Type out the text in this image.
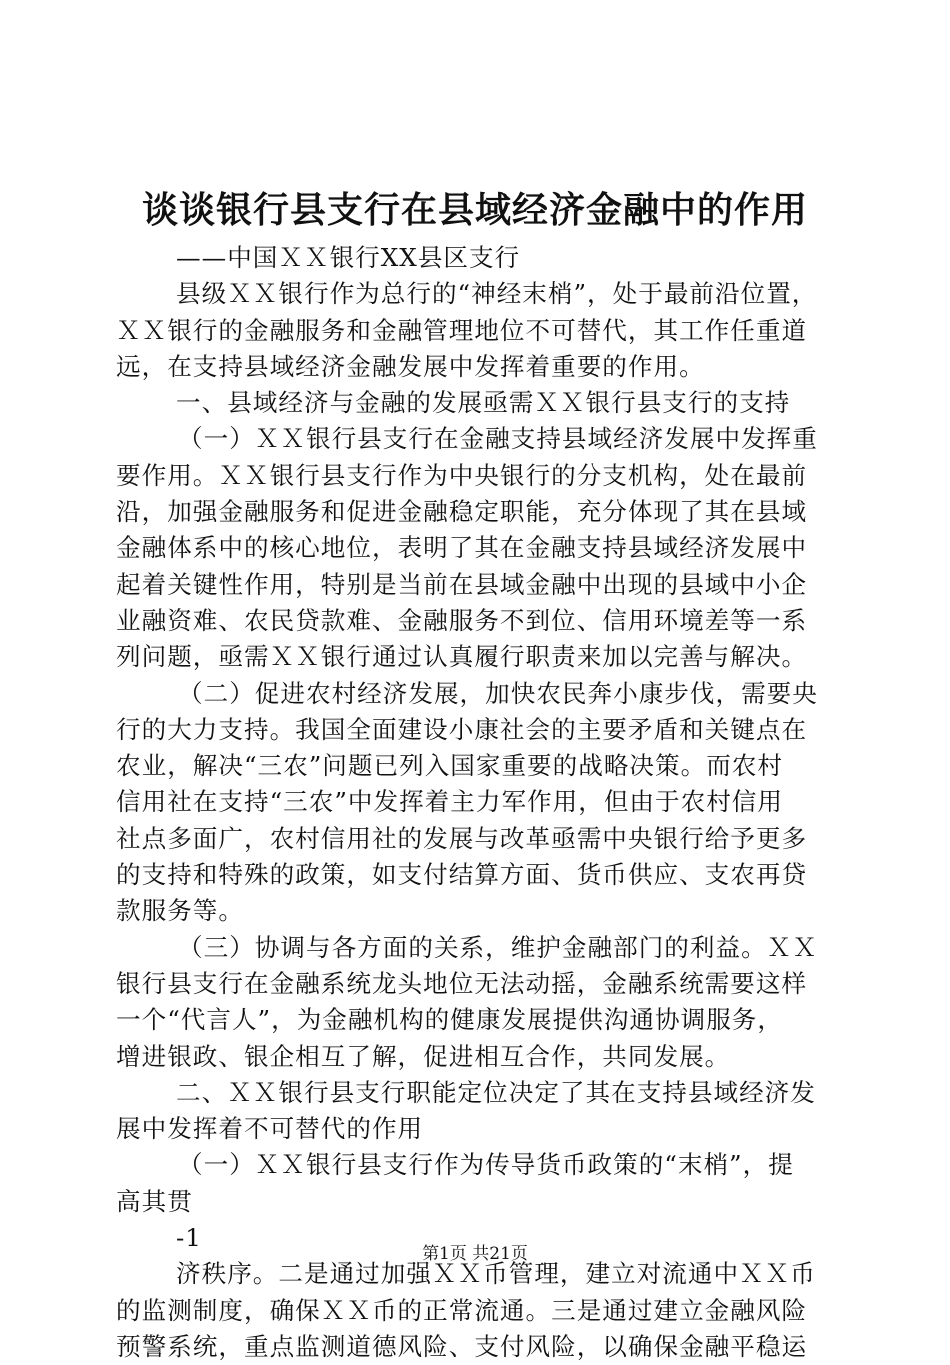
谈谈银行县支行在县域经济金融中的作用
——中国ＸＸ银行XX县区支行
县级ＸＸ银行作为总行的“神经末梢”，处于最前沿位置，
ＸＸ银行的金融服务和金融管理地位不可替代，其工作任重道
远，在支持县域经济金融发展中发挥着重要的作用。
一、县域经济与金融的发展亟需ＸＸ银行县支行的支持
（一）ＸＸ银行县支行在金融支持县域经济发展中发挥重
要作用。ＸＸ银行县支行作为中央银行的分支机构，处在最前
沿，加强金融服务和促进金融稳定职能，充分体现了其在县域
金融体系中的核心地位，表明了其在金融支持县域经济发展中
起着关键性作用，特别是当前在县域金融中出现的县域中小企
业融资难、农民贷款难、金融服务不到位、信用环境差等一系
列问题，亟需ＸＸ银行通过认真履行职责来加以完善与解决。
（二）促进农村经济发展，加快农民奔小康步伐，需要央
行的大力支持。我国全面建设小康社会的主要矛盾和关键点在
农业，解决“三农”问题已列入国家重要的战略决策。而农村
信用社在支持“三农”中发挥着主力军作用，但由于农村信用
社点多面广，农村信用社的发展与改革亟需中央银行给予更多
的支持和特殊的政策，如支付结算方面、货币供应、支农再贷
款服务等。
（三）协调与各方面的关系，维护金融部门的利益。ＸＸ
银行县支行在金融系统龙头地位无法动摇，金融系统需要这样
一个“代言人”，为金融机构的健康发展提供沟通协调服务，
增进银政、银企相互了解，促进相互合作，共同发展。
二、ＸＸ银行县支行职能定位决定了其在支持县域经济发
展中发挥着不可替代的作用
（一）ＸＸ银行县支行作为传导货币政策的“末梢”，提
高其贯
-1
济秩序。二是通过加强ＸＸ币管理，建立对流通中ＸＸ币
的监测制度，确保ＸＸ币的正常流通。三是通过建立金融风险
预警系统，重点监测道德风险、支付风险，以确保金融平稳运
第1页 共21页
